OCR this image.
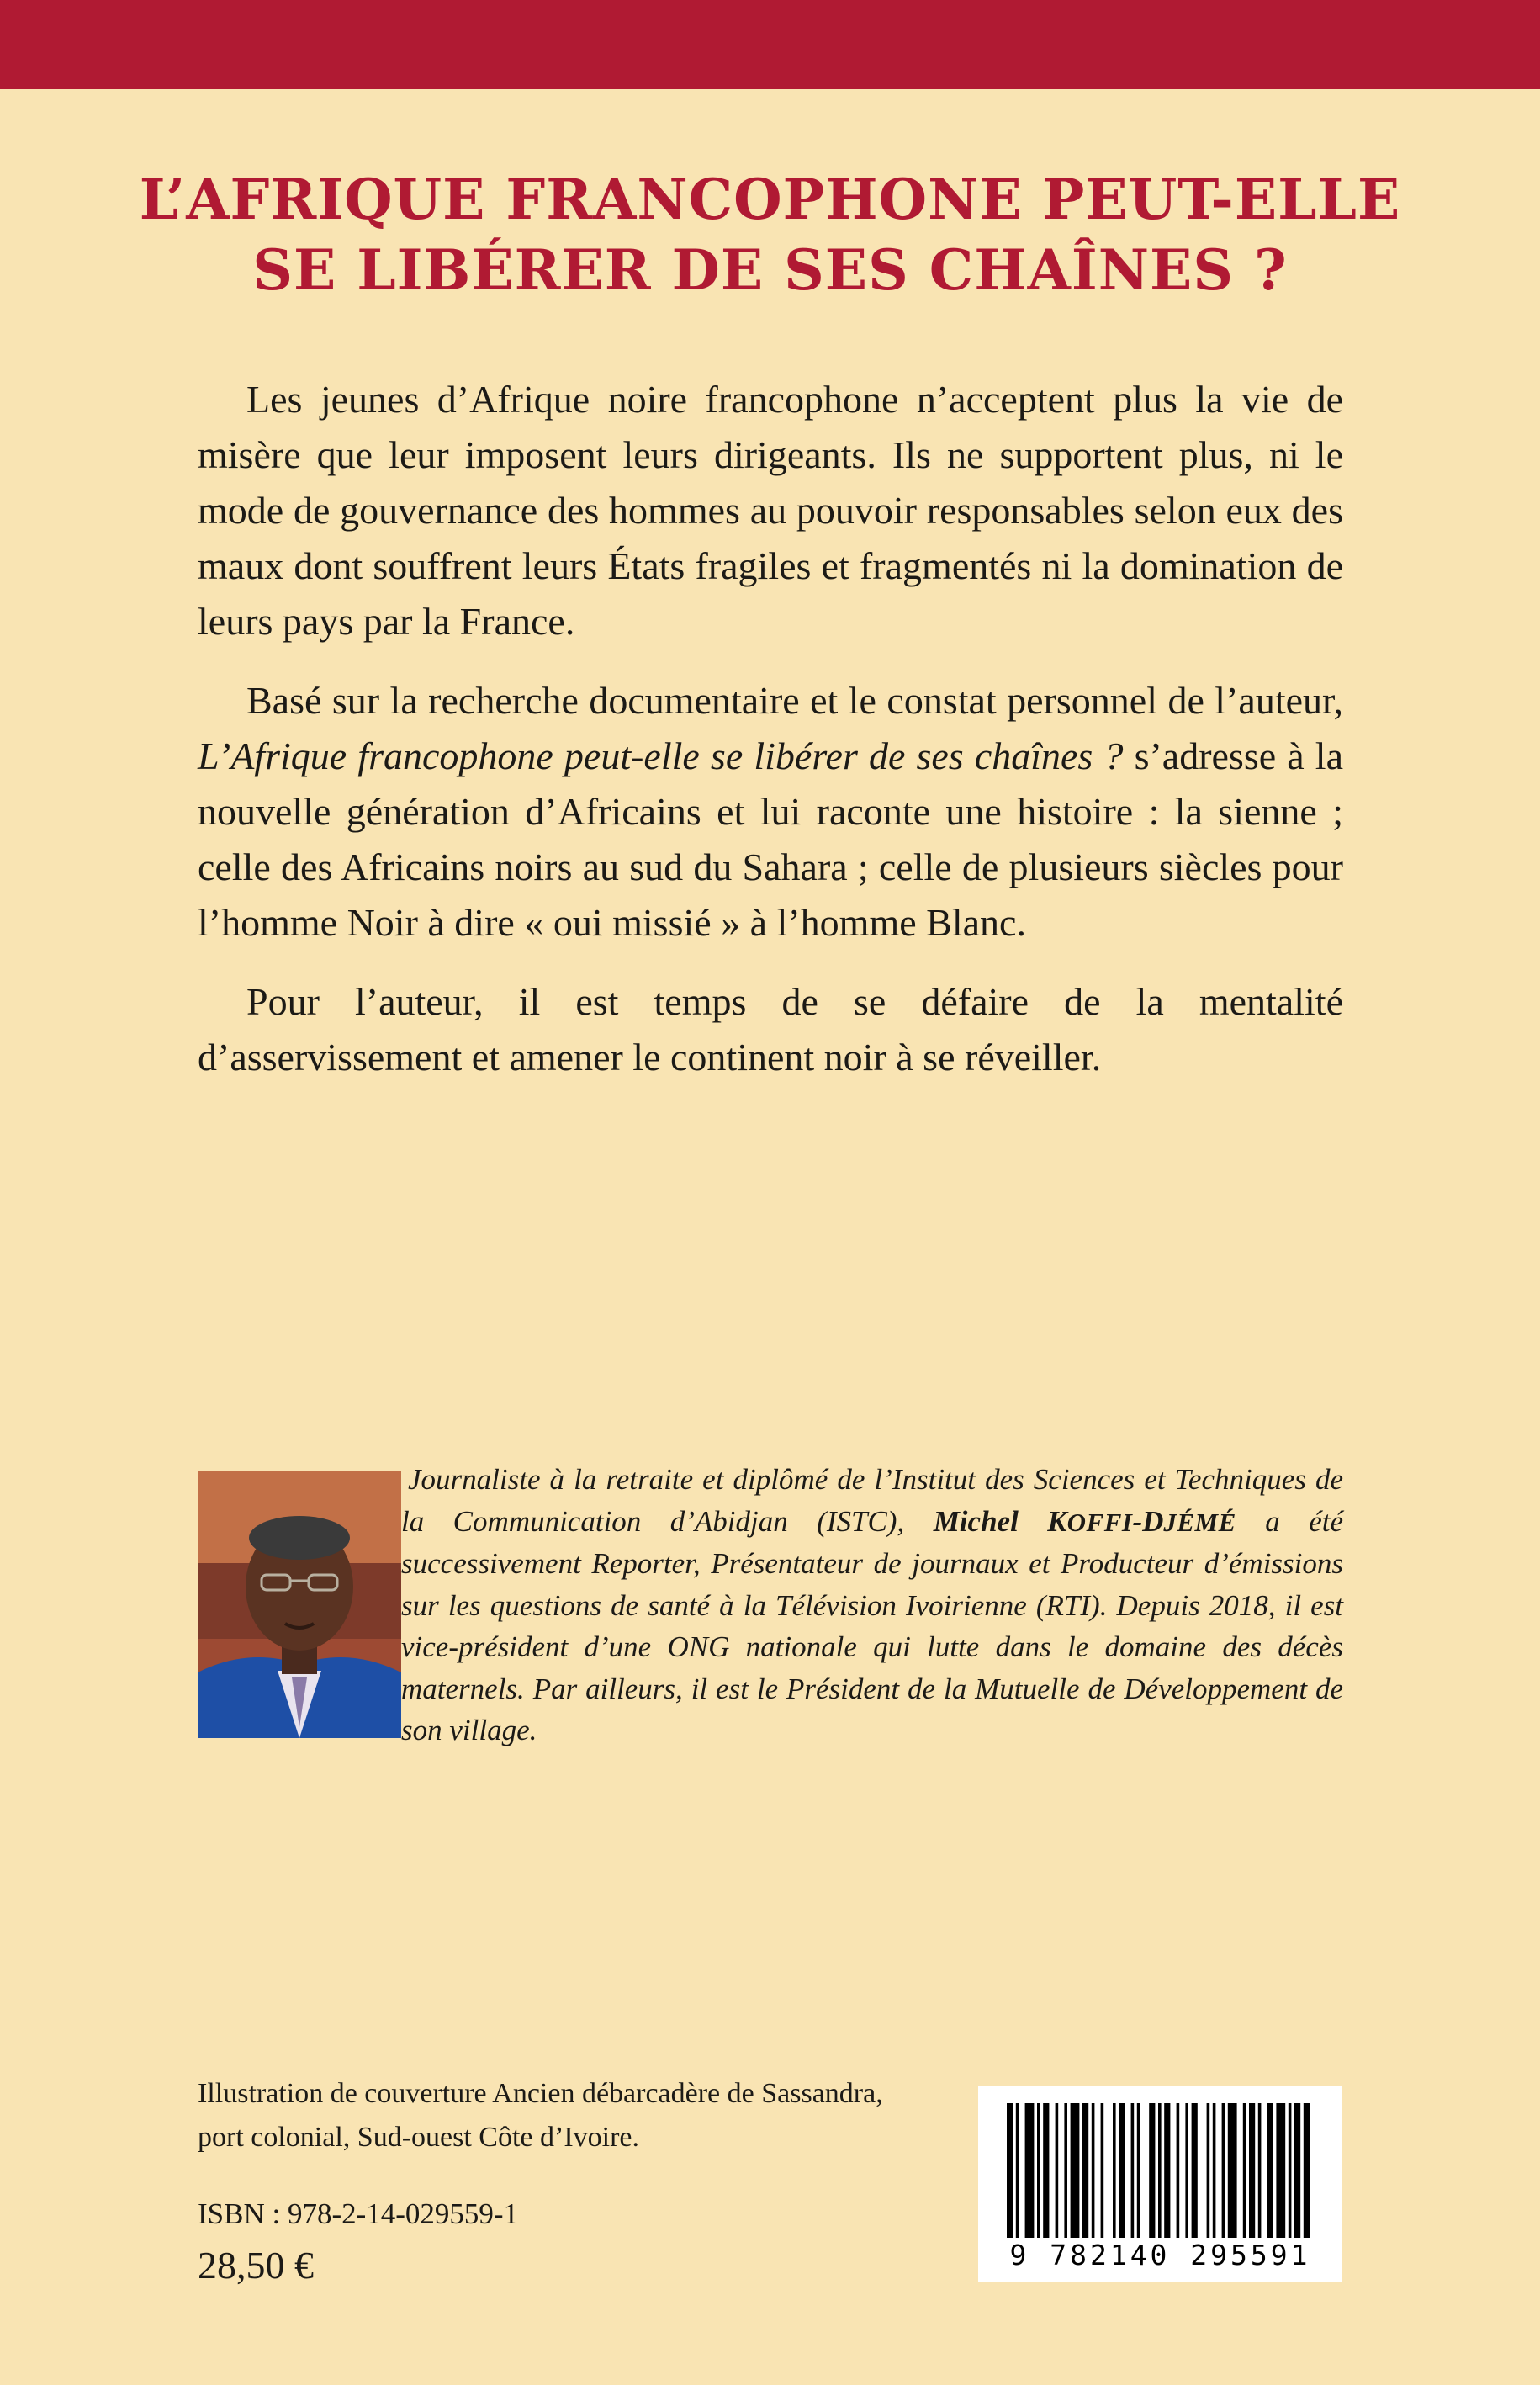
L’AFRIQUE FRANCOPHONE PEUT-ELLE
SE LIBÉRER DE SES CHAÎNES ?

Les jeunes d’Afrique noire francophone n’acceptent plus la vie de misère que leur imposent leurs dirigeants. Ils ne supportent plus, ni le mode de gouvernance des hommes au pouvoir responsables selon eux des maux dont souffrent leurs États fragiles et fragmentés ni la domination de leurs pays par la France.

Basé sur la recherche documentaire et le constat personnel de l’auteur, L’Afrique francophone peut-elle se libérer de ses chaînes ? s’adresse à la nouvelle génération d’Africains et lui raconte une histoire : la sienne ; celle des Africains noirs au sud du Sahara ; celle de plusieurs siècles pour l’homme Noir à dire « oui missié » à l’homme Blanc.

Pour l’auteur, il est temps de se défaire de la mentalité d’asservissement et amener le continent noir à se réveiller.

Journaliste à la retraite et diplômé de l’Institut des Sciences et Techniques de la Communication d’Abidjan (ISTC), Michel KOFFI-DJÉMÉ a été successivement Reporter, Présentateur de journaux et Producteur d’émissions sur les questions de santé à la Télévision Ivoirienne (RTI). Depuis 2018, il est vice-président d’une ONG nationale qui lutte dans le domaine des décès maternels. Par ailleurs, il est le Président de la Mutuelle de Développement de son village.

Illustration de couverture Ancien débarcadère de Sassandra, port colonial, Sud-ouest Côte d’Ivoire.

ISBN : 978-2-14-029559-1

28,50 €	9 782140 295591
